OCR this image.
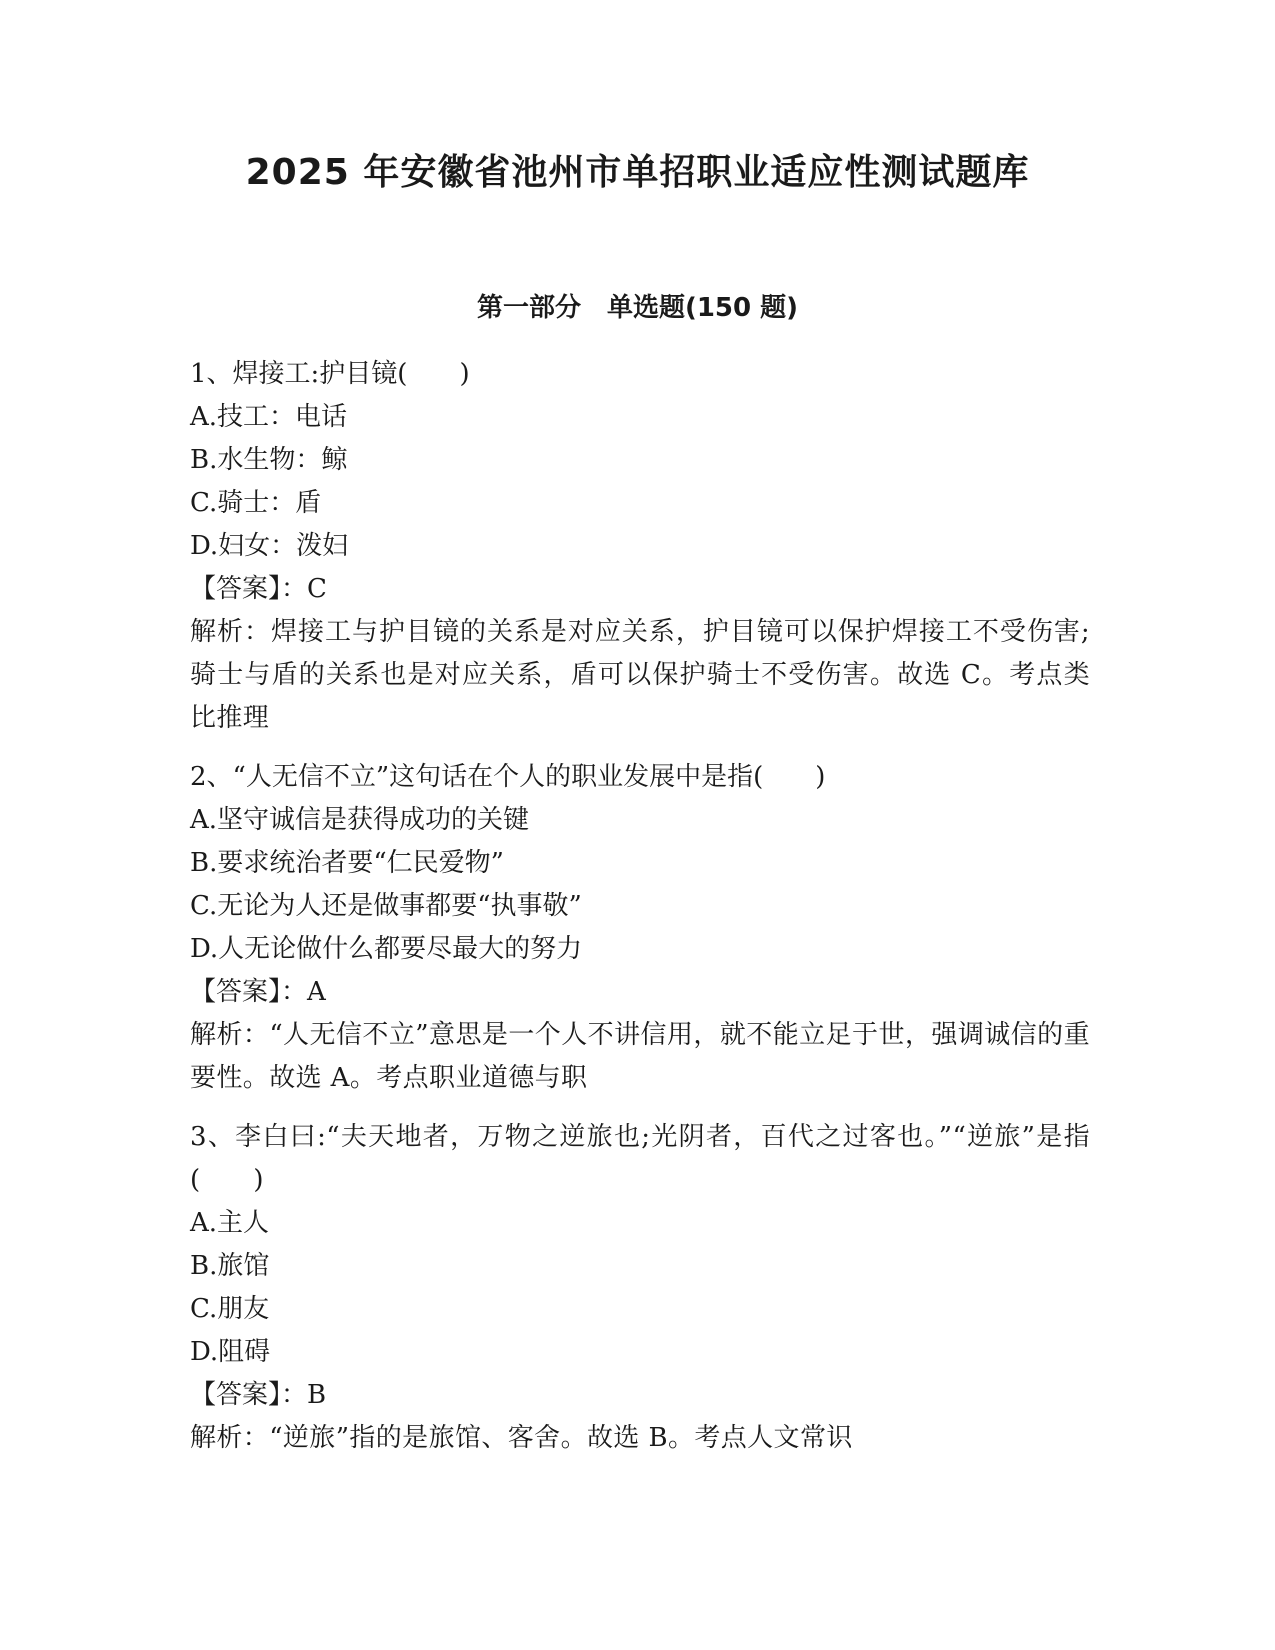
2025 年安徽省池州市单招职业适应性测试题库
第一部分　单选题(150 题)

1、焊接工:护目镜(　　)

A.技工：电话

B.水生物：鲸

C.骑士：盾

D.妇女：泼妇

【答案】：C

解析：焊接工与护目镜的关系是对应关系，护目镜可以保护焊接工不受伤害;骑士与盾的关系也是对应关系，盾可以保护骑士不受伤害。故选 C。考点类比推理

2、“人无信不立”这句话在个人的职业发展中是指(　　)

A.坚守诚信是获得成功的关键

B.要求统治者要“仁民爱物”

C.无论为人还是做事都要“执事敬”

D.人无论做什么都要尽最大的努力

【答案】：A

解析：“人无信不立”意思是一个人不讲信用，就不能立足于世，强调诚信的重要性。故选 A。考点职业道德与职

3、李白曰:“夫天地者，万物之逆旅也;光阴者，百代之过客也。”“逆旅”是指(　　)

A.主人

B.旅馆

C.朋友

D.阻碍

【答案】：B

解析：“逆旅”指的是旅馆、客舍。故选 B。考点人文常识
